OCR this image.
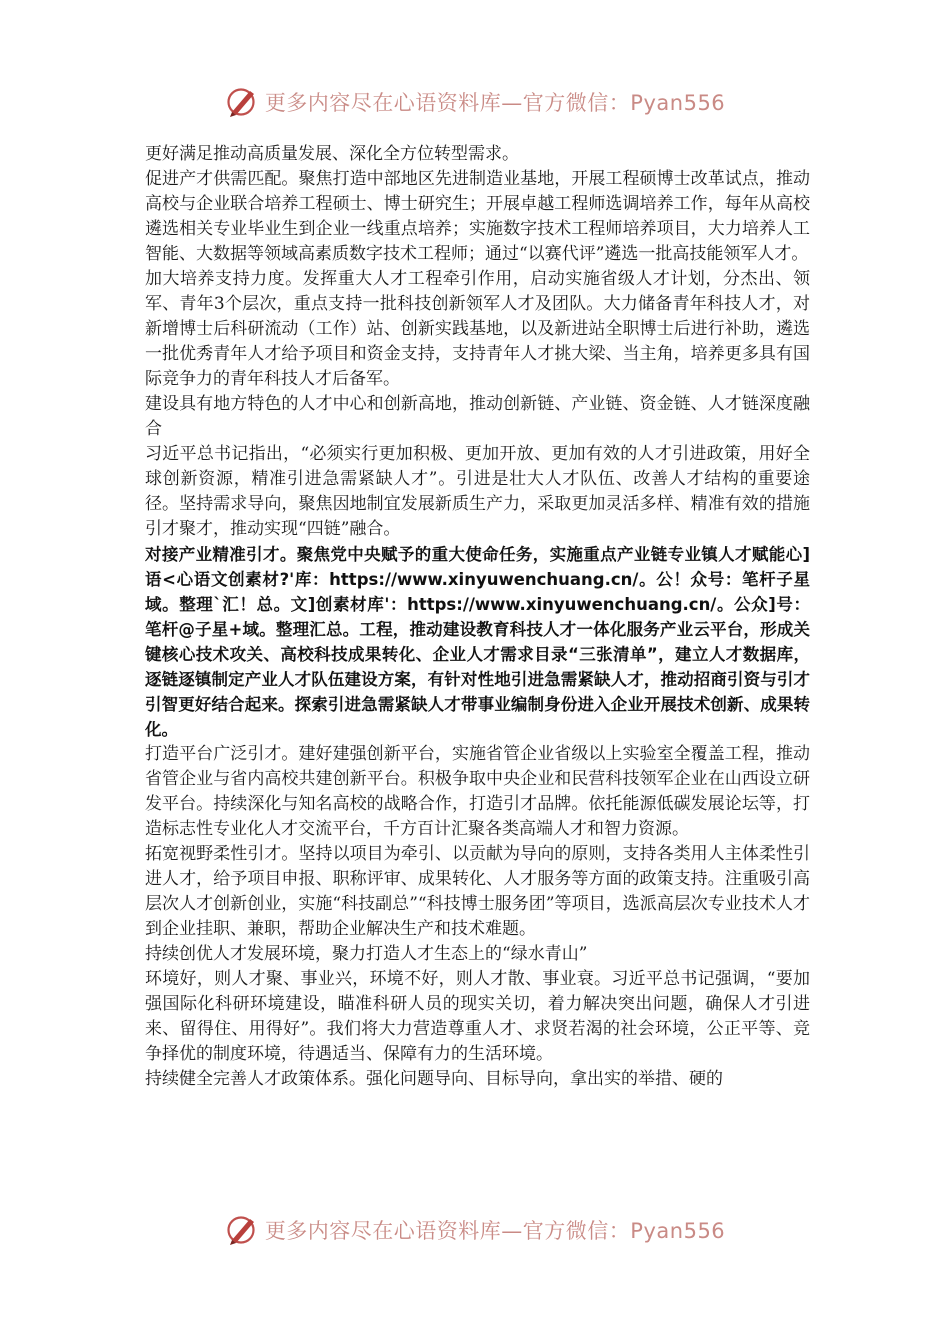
更多内容尽在心语资料库—官方微信：Pyan556

更好满足推动高质量发展、深化全方位转型需求。

促进产才供需匹配。聚焦打造中部地区先进制造业基地，开展工程硕博士改革试点，推动高校与企业联合培养工程硕士、博士研究生；开展卓越工程师选调培养工作，每年从高校遴选相关专业毕业生到企业一线重点培养；实施数字技术工程师培养项目，大力培养人工智能、大数据等领域高素质数字技术工程师；通过“以赛代评”遴选一批高技能领军人才。

加大培养支持力度。发挥重大人才工程牵引作用，启动实施省级人才计划，分杰出、领军、青年3个层次，重点支持一批科技创新领军人才及团队。大力储备青年科技人才，对新增博士后科研流动（工作）站、创新实践基地，以及新进站全职博士后进行补助，遴选一批优秀青年人才给予项目和资金支持，支持青年人才挑大梁、当主角，培养更多具有国际竞争力的青年科技人才后备军。

建设具有地方特色的人才中心和创新高地，推动创新链、产业链、资金链、人才链深度融合

习近平总书记指出，“必须实行更加积极、更加开放、更加有效的人才引进政策，用好全球创新资源，精准引进急需紧缺人才”。引进是壮大人才队伍、改善人才结构的重要途径。坚持需求导向，聚焦因地制宜发展新质生产力，采取更加灵活多样、精准有效的措施引才聚才，推动实现“四链”融合。

对接产业精准引才。聚焦党中央赋予的重大使命任务，实施重点产业链专业镇人才赋能心]语<心语文创素材?'库：https://www.xinyuwenchuang.cn/。公！众号：笔杆子星域。整理`汇！总。文]创素材库'：https://www.xinyuwenchuang.cn/。公众]号：笔杆@子星+域。整理汇总。工程，推动建设教育科技人才一体化服务产业云平台，形成关键核心技术攻关、高校科技成果转化、企业人才需求目录“三张清单”，建立人才数据库，逐链逐镇制定产业人才队伍建设方案，有针对性地引进急需紧缺人才，推动招商引资与引才引智更好结合起来。探索引进急需紧缺人才带事业编制身份进入企业开展技术创新、成果转化。

打造平台广泛引才。建好建强创新平台，实施省管企业省级以上实验室全覆盖工程，推动省管企业与省内高校共建创新平台。积极争取中央企业和民营科技领军企业在山西设立研发平台。持续深化与知名高校的战略合作，打造引才品牌。依托能源低碳发展论坛等，打造标志性专业化人才交流平台，千方百计汇聚各类高端人才和智力资源。

拓宽视野柔性引才。坚持以项目为牵引、以贡献为导向的原则，支持各类用人主体柔性引进人才，给予项目申报、职称评审、成果转化、人才服务等方面的政策支持。注重吸引高层次人才创新创业，实施“科技副总”“科技博士服务团”等项目，选派高层次专业技术人才到企业挂职、兼职，帮助企业解决生产和技术难题。

持续创优人才发展环境，聚力打造人才生态上的“绿水青山”

环境好，则人才聚、事业兴，环境不好，则人才散、事业衰。习近平总书记强调，“要加强国际化科研环境建设，瞄准科研人员的现实关切，着力解决突出问题，确保人才引进来、留得住、用得好”。我们将大力营造尊重人才、求贤若渴的社会环境，公正平等、竞争择优的制度环境，待遇适当、保障有力的生活环境。

持续健全完善人才政策体系。强化问题导向、目标导向，拿出实的举措、硬的

更多内容尽在心语资料库—官方微信：Pyan556
